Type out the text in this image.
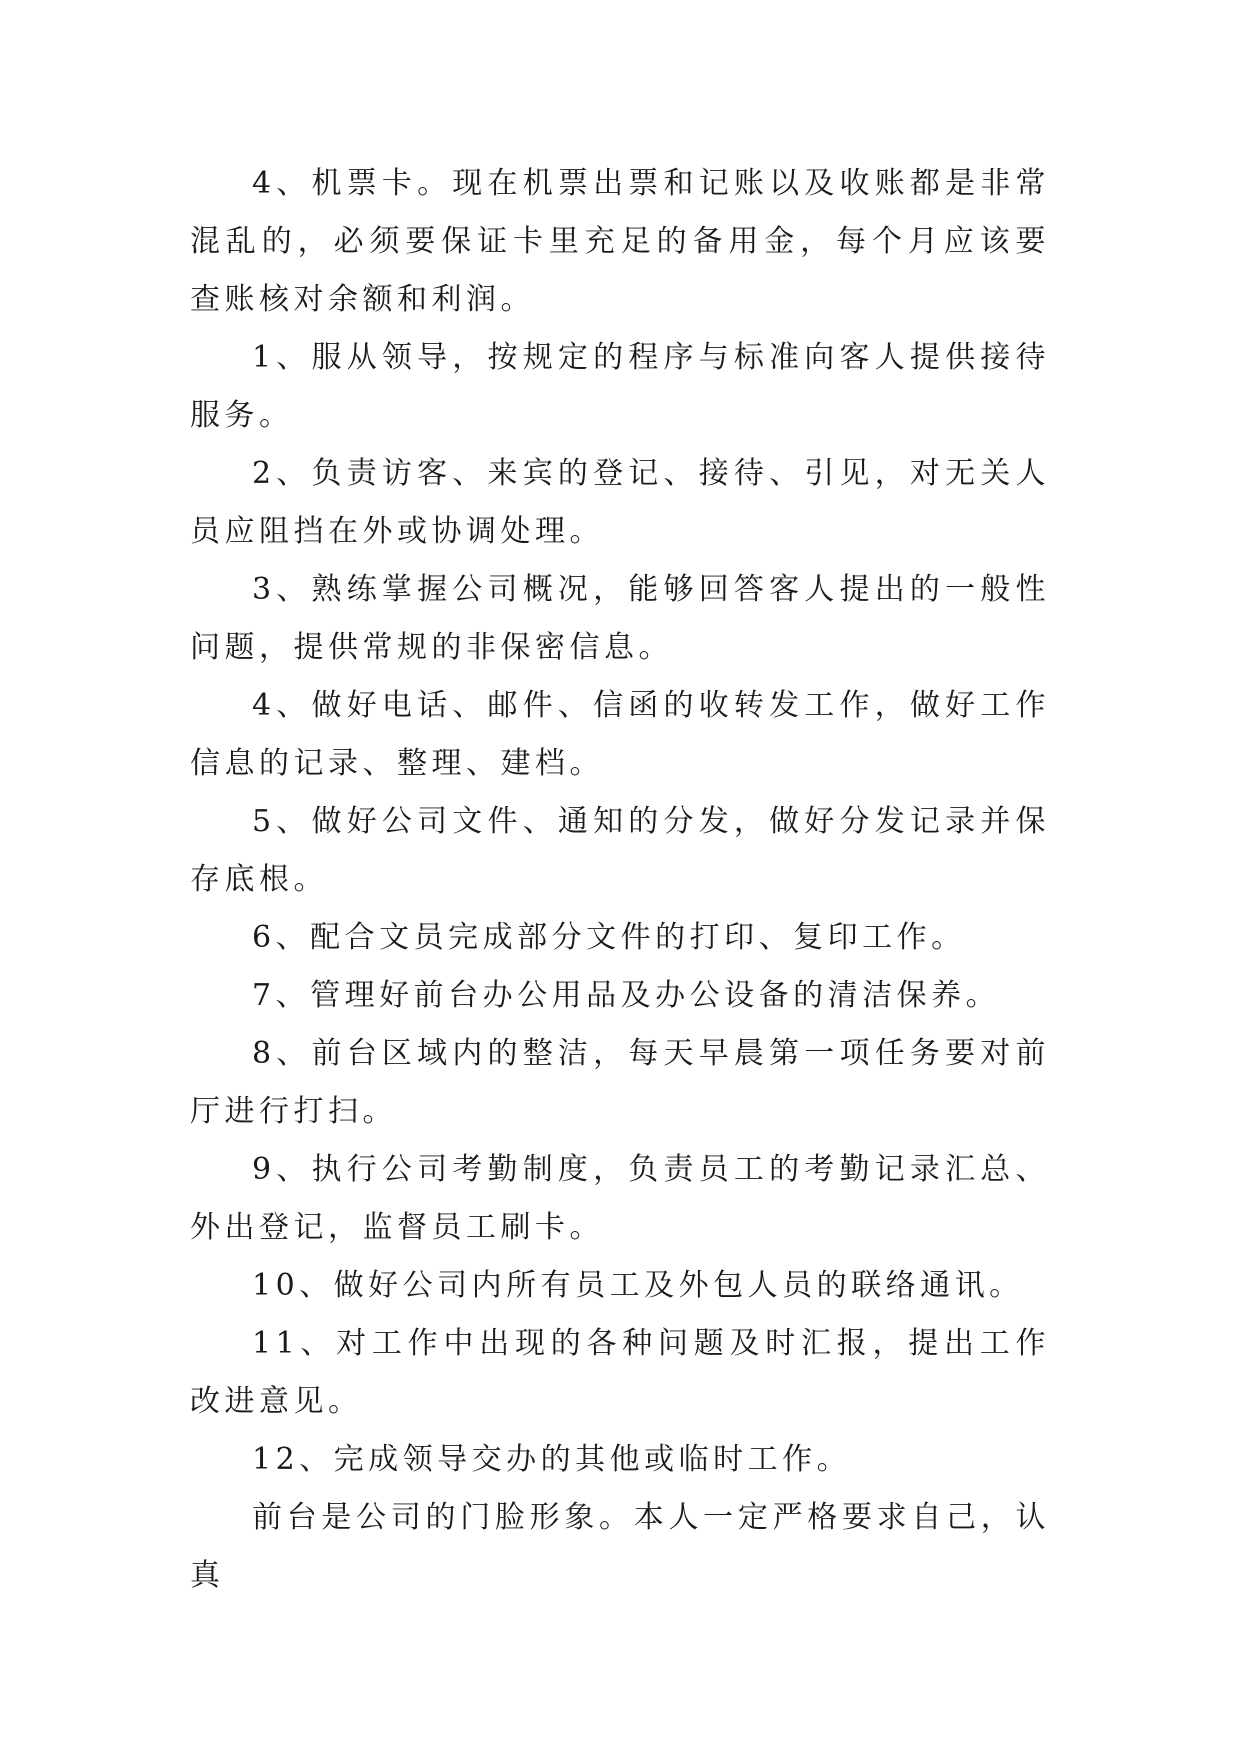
4、机票卡。现在机票出票和记账以及收账都是非常混乱的，必须要保证卡里充足的备用金，每个月应该要查账核对余额和利润。

1、服从领导，按规定的程序与标准向客人提供接待服务。

2、负责访客、来宾的登记、接待、引见，对无关人员应阻挡在外或协调处理。

3、熟练掌握公司概况，能够回答客人提出的一般性问题，提供常规的非保密信息。

4、做好电话、邮件、信函的收转发工作，做好工作信息的记录、整理、建档。

5、做好公司文件、通知的分发，做好分发记录并保存底根。

6、配合文员完成部分文件的打印、复印工作。

7、管理好前台办公用品及办公设备的清洁保养。

8、前台区域内的整洁，每天早晨第一项任务要对前厅进行打扫。

9、执行公司考勤制度，负责员工的考勤记录汇总、外出登记，监督员工刷卡。

10、做好公司内所有员工及外包人员的联络通讯。

11、对工作中出现的各种问题及时汇报，提出工作改进意见。

12、完成领导交办的其他或临时工作。

前台是公司的门脸形象。本人一定严格要求自己，认真
